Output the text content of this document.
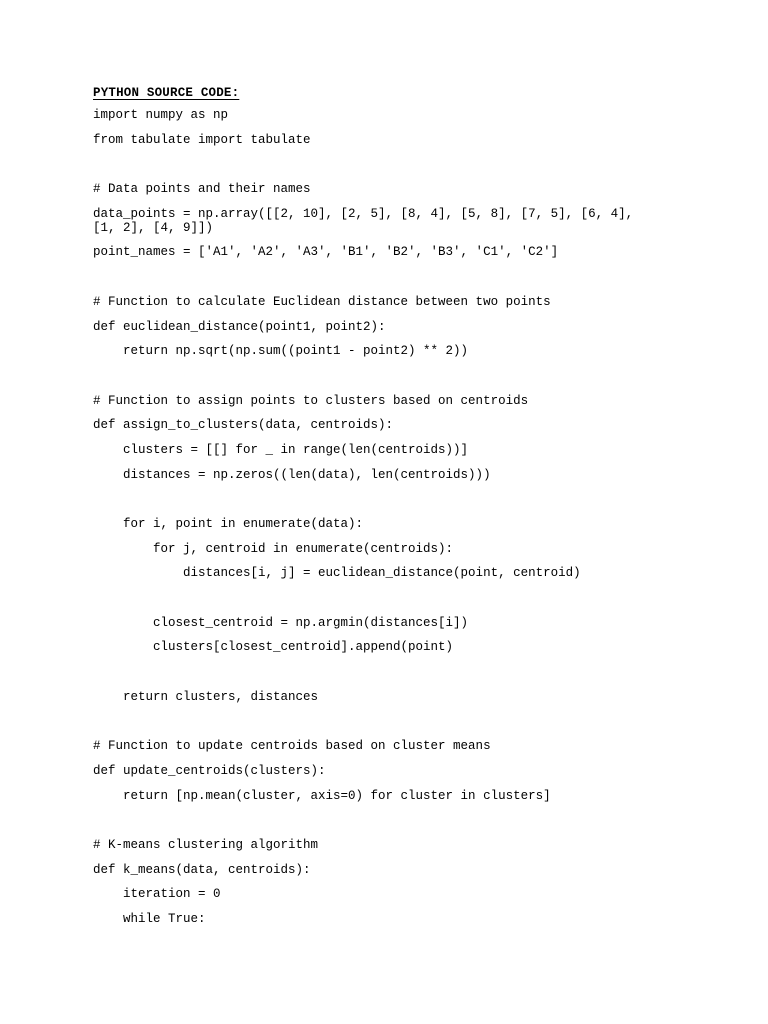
PYTHON SOURCE CODE:
import numpy as np
from tabulate import tabulate
# Data points and their names
data_points = np.array([[2, 10], [2, 5], [8, 4], [5, 8], [7, 5], [6, 4],
[1, 2], [4, 9]])
point_names = ['A1', 'A2', 'A3', 'B1', 'B2', 'B3', 'C1', 'C2']
# Function to calculate Euclidean distance between two points
def euclidean_distance(point1, point2):
return np.sqrt(np.sum((point1 - point2) ** 2))
# Function to assign points to clusters based on centroids
def assign_to_clusters(data, centroids):
clusters = [[] for _ in range(len(centroids))]
distances = np.zeros((len(data), len(centroids)))
for i, point in enumerate(data):
for j, centroid in enumerate(centroids):
distances[i, j] = euclidean_distance(point, centroid)
closest_centroid = np.argmin(distances[i])
clusters[closest_centroid].append(point)
return clusters, distances
# Function to update centroids based on cluster means
def update_centroids(clusters):
return [np.mean(cluster, axis=0) for cluster in clusters]
# K-means clustering algorithm
def k_means(data, centroids):
iteration = 0
while True:
